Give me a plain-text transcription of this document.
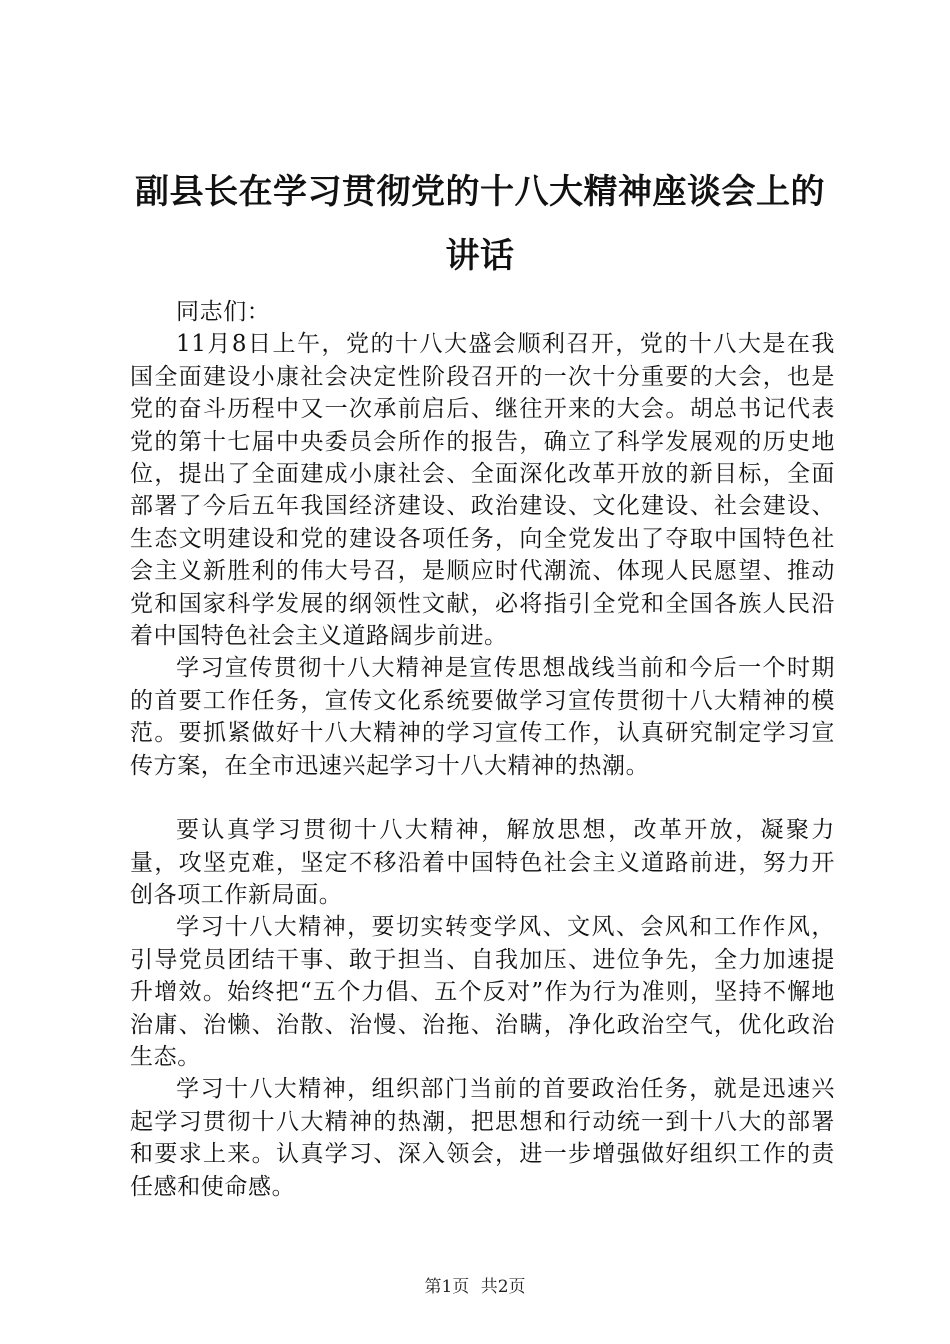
副县长在学习贯彻党的十八大精神座谈会上的
讲话

同志们：

11月8日上午，党的十八大盛会顺利召开，党的十八大是在我国全面建设小康社会决定性阶段召开的一次十分重要的大会，也是党的奋斗历程中又一次承前启后、继往开来的大会。胡总书记代表党的第十七届中央委员会所作的报告，确立了科学发展观的历史地位，提出了全面建成小康社会、全面深化改革开放的新目标，全面部署了今后五年我国经济建设、政治建设、文化建设、社会建设、生态文明建设和党的建设各项任务，向全党发出了夺取中国特色社会主义新胜利的伟大号召，是顺应时代潮流、体现人民愿望、推动党和国家科学发展的纲领性文献，必将指引全党和全国各族人民沿着中国特色社会主义道路阔步前进。

学习宣传贯彻十八大精神是宣传思想战线当前和今后一个时期的首要工作任务，宣传文化系统要做学习宣传贯彻十八大精神的模范。要抓紧做好十八大精神的学习宣传工作，认真研究制定学习宣传方案，在全市迅速兴起学习十八大精神的热潮。

要认真学习贯彻十八大精神，解放思想，改革开放，凝聚力量，攻坚克难，坚定不移沿着中国特色社会主义道路前进，努力开创各项工作新局面。

学习十八大精神，要切实转变学风、文风、会风和工作作风，引导党员团结干事、敢于担当、自我加压、进位争先，全力加速提升增效。始终把“五个力倡、五个反对”作为行为准则，坚持不懈地治庸、治懒、治散、治慢、治拖、治瞒，净化政治空气，优化政治生态。

学习十八大精神，组织部门当前的首要政治任务，就是迅速兴起学习贯彻十八大精神的热潮，把思想和行动统一到十八大的部署和要求上来。认真学习、深入领会，进一步增强做好组织工作的责任感和使命感。

第1页 共2页
